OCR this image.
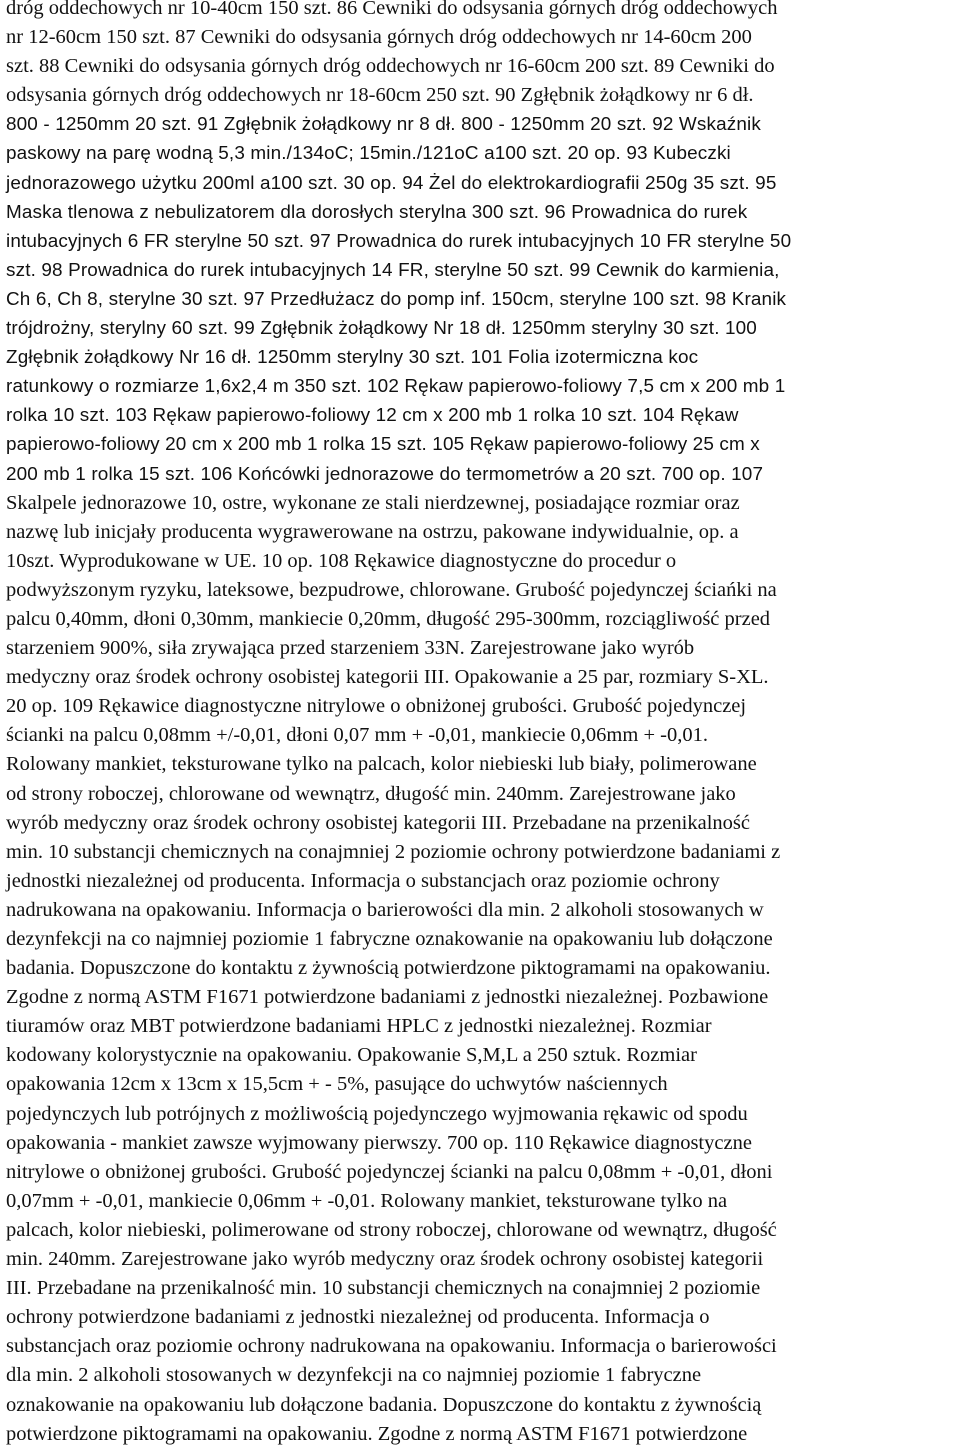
dróg oddechowych nr 10-40cm 150 szt. 86 Cewniki do odsysania górnych dróg oddechowych
nr 12-60cm 150 szt. 87 Cewniki do odsysania górnych dróg oddechowych nr 14-60cm 200
szt. 88 Cewniki do odsysania górnych dróg oddechowych nr 16-60cm 200 szt. 89 Cewniki do
odsysania górnych dróg oddechowych nr 18-60cm 250 szt. 90 Zgłębnik żołądkowy nr 6 dł.
800 - 1250mm 20 szt. 91 Zgłębnik żołądkowy nr 8 dł. 800 - 1250mm 20 szt. 92 Wskaźnik
paskowy na parę wodną 5,3 min./134oC; 15min./121oC a100 szt. 20 op. 93 Kubeczki
jednorazowego użytku 200ml a100 szt. 30 op. 94 Żel do elektrokardiografii 250g 35 szt. 95
Maska tlenowa z nebulizatorem dla dorosłych sterylna 300 szt. 96 Prowadnica do rurek
intubacyjnych 6 FR sterylne 50 szt. 97 Prowadnica do rurek intubacyjnych 10 FR sterylne 50
szt. 98 Prowadnica do rurek intubacyjnych 14 FR, sterylne 50 szt. 99 Cewnik do karmienia,
Ch 6, Ch 8, sterylne 30 szt. 97 Przedłużacz do pomp inf. 150cm, sterylne 100 szt. 98 Kranik
trójdrożny, sterylny 60 szt. 99 Zgłębnik żołądkowy Nr 18 dł. 1250mm sterylny 30 szt. 100
Zgłębnik żołądkowy Nr 16 dł. 1250mm sterylny 30 szt. 101 Folia izotermiczna koc
ratunkowy o rozmiarze 1,6x2,4 m 350 szt. 102 Rękaw papierowo-foliowy 7,5 cm x 200 mb 1
rolka 10 szt. 103 Rękaw papierowo-foliowy 12 cm x 200 mb 1 rolka 10 szt. 104 Rękaw
papierowo-foliowy 20 cm x 200 mb 1 rolka 15 szt. 105 Rękaw papierowo-foliowy 25 cm x
200 mb 1 rolka 15 szt. 106 Końcówki jednorazowe do termometrów a 20 szt. 700 op. 107
Skalpele jednorazowe 10, ostre, wykonane ze stali nierdzewnej, posiadające rozmiar oraz
nazwę lub inicjały producenta wygrawerowane na ostrzu, pakowane indywidualnie, op. a
10szt. Wyprodukowane w UE. 10 op. 108 Rękawice diagnostyczne do procedur o
podwyższonym ryzyku, lateksowe, bezpudrowe, chlorowane. Grubość pojedynczej ściańki na
palcu 0,40mm, dłoni 0,30mm, mankiecie 0,20mm, długość 295-300mm, rozciągliwość przed
starzeniem 900%, siła zrywająca przed starzeniem 33N. Zarejestrowane jako wyrób
medyczny oraz środek ochrony osobistej kategorii III. Opakowanie a 25 par, rozmiary S-XL.
20 op. 109 Rękawice diagnostyczne nitrylowe o obniżonej grubości. Grubość pojedynczej
ścianki na palcu 0,08mm +/-0,01, dłoni 0,07 mm + -0,01, mankiecie 0,06mm + -0,01.
Rolowany mankiet, teksturowane tylko na palcach, kolor niebieski lub biały, polimerowane
od strony roboczej, chlorowane od wewnątrz, długość min. 240mm. Zarejestrowane jako
wyrób medyczny oraz środek ochrony osobistej kategorii III. Przebadane na przenikalność
min. 10 substancji chemicznych na conajmniej 2 poziomie ochrony potwierdzone badaniami z
jednostki niezależnej od producenta. Informacja o substancjach oraz poziomie ochrony
nadrukowana na opakowaniu. Informacja o barierowości dla min. 2 alkoholi stosowanych w
dezynfekcji na co najmniej poziomie 1 fabryczne oznakowanie na opakowaniu lub dołączone
badania. Dopuszczone do kontaktu z żywnością potwierdzone piktogramami na opakowaniu.
Zgodne z normą ASTM F1671 potwierdzone badaniami z jednostki niezależnej. Pozbawione
tiuramów oraz MBT potwierdzone badaniami HPLC z jednostki niezależnej. Rozmiar
kodowany kolorystycznie na opakowaniu. Opakowanie S,M,L a 250 sztuk. Rozmiar
opakowania 12cm x 13cm x 15,5cm + - 5%, pasujące do uchwytów naściennych
pojedynczych lub potrójnych z możliwością pojedynczego wyjmowania rękawic od spodu
opakowania - mankiet zawsze wyjmowany pierwszy. 700 op. 110 Rękawice diagnostyczne
nitrylowe o obniżonej grubości. Grubość pojedynczej ścianki na palcu 0,08mm + -0,01, dłoni
0,07mm + -0,01, mankiecie 0,06mm + -0,01. Rolowany mankiet, teksturowane tylko na
palcach, kolor niebieski, polimerowane od strony roboczej, chlorowane od wewnątrz, długość
min. 240mm. Zarejestrowane jako wyrób medyczny oraz środek ochrony osobistej kategorii
III. Przebadane na przenikalność min. 10 substancji chemicznych na conajmniej 2 poziomie
ochrony potwierdzone badaniami z jednostki niezależnej od producenta. Informacja o
substancjach oraz poziomie ochrony nadrukowana na opakowaniu. Informacja o barierowości
dla min. 2 alkoholi stosowanych w dezynfekcji na co najmniej poziomie 1 fabryczne
oznakowanie na opakowaniu lub dołączone badania. Dopuszczone do kontaktu z żywnością
potwierdzone piktogramami na opakowaniu. Zgodne z normą ASTM F1671 potwierdzone
